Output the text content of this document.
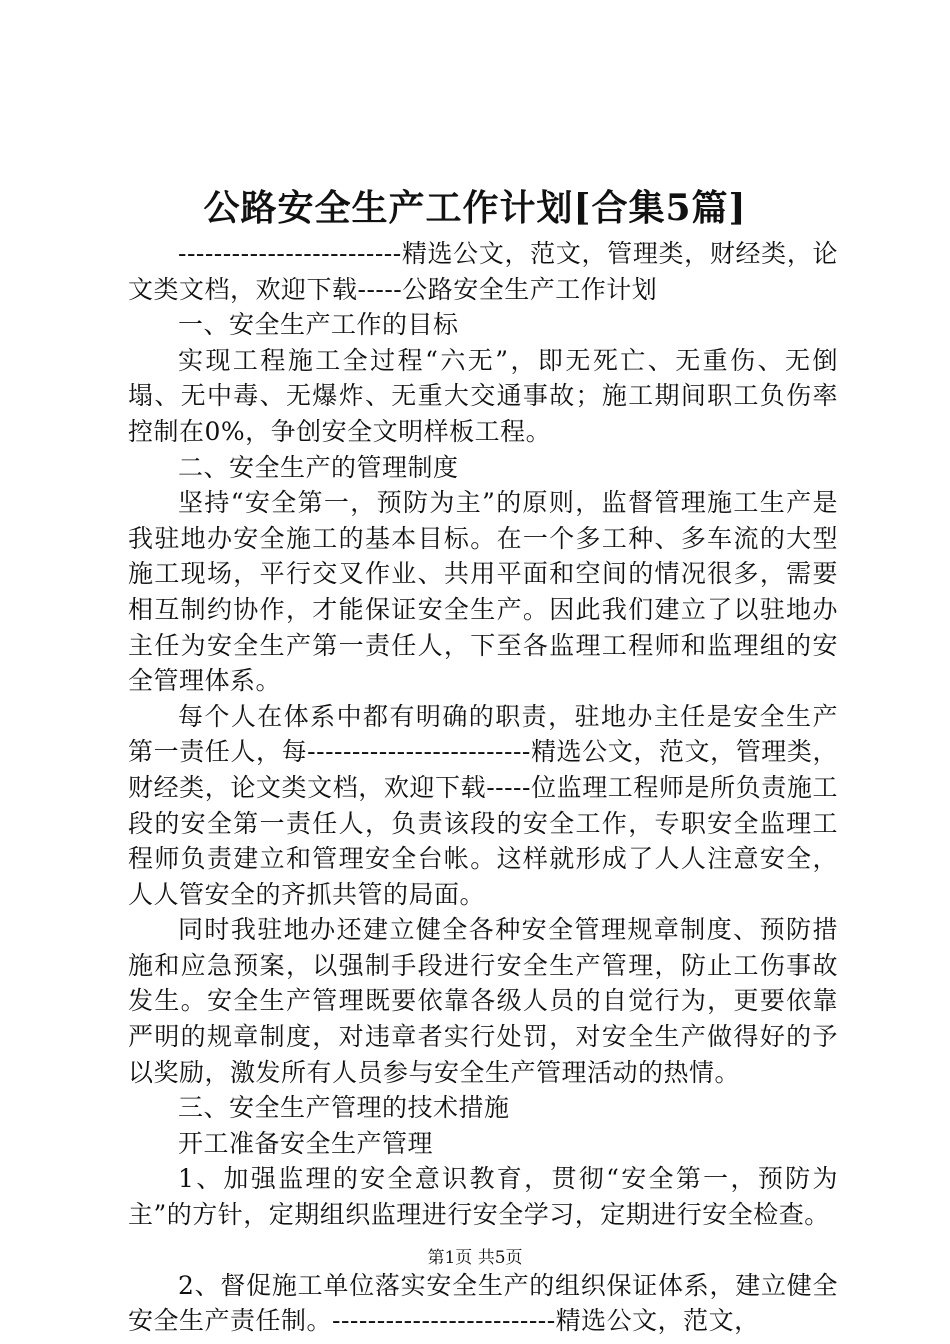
公路安全生产工作计划[合集5篇]

-------------------------精选公文，范文，管理类，财经类，论文类文档，欢迎下载-----公路安全生产工作计划

一、安全生产工作的目标

实现工程施工全过程“六无”，即无死亡、无重伤、无倒塌、无中毒、无爆炸、无重大交通事故；施工期间职工负伤率控制在0%，争创安全文明样板工程。

二、安全生产的管理制度

坚持“安全第一，预防为主”的原则，监督管理施工生产是我驻地办安全施工的基本目标。在一个多工种、多车流的大型施工现场，平行交叉作业、共用平面和空间的情况很多，需要相互制约协作，才能保证安全生产。因此我们建立了以驻地办主任为安全生产第一责任人，下至各监理工程师和监理组的安全管理体系。

每个人在体系中都有明确的职责，驻地办主任是安全生产第一责任人，每-------------------------精选公文，范文，管理类，财经类，论文类文档，欢迎下载-----位监理工程师是所负责施工段的安全第一责任人，负责该段的安全工作，专职安全监理工程师负责建立和管理安全台帐。这样就形成了人人注意安全，人人管安全的齐抓共管的局面。

同时我驻地办还建立健全各种安全管理规章制度、预防措施和应急预案，以强制手段进行安全生产管理，防止工伤事故发生。安全生产管理既要依靠各级人员的自觉行为，更要依靠严明的规章制度，对违章者实行处罚，对安全生产做得好的予以奖励，激发所有人员参与安全生产管理活动的热情。

三、安全生产管理的技术措施

开工准备安全生产管理

1、加强监理的安全意识教育，贯彻“安全第一，预防为主”的方针，定期组织监理进行安全学习，定期进行安全检查。

2、督促施工单位落实安全生产的组织保证体系，建立健全安全生产责任制。-------------------------精选公文，范文，

第1页 共5页
